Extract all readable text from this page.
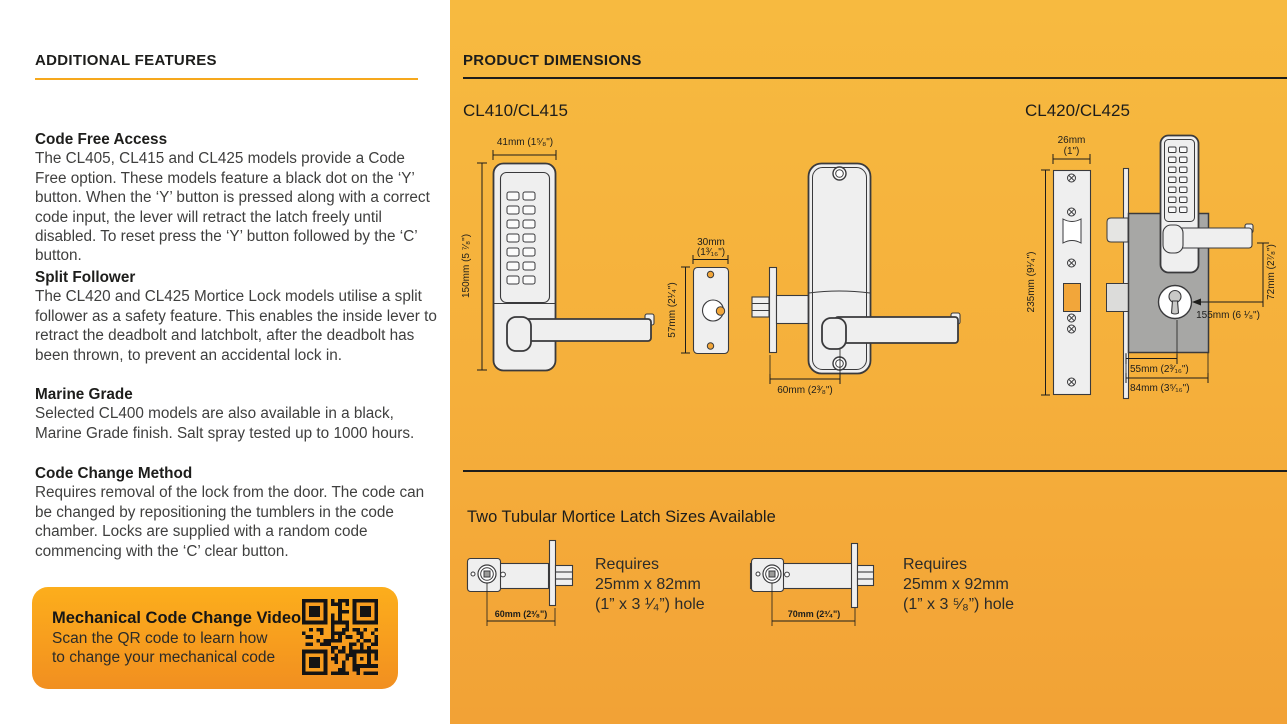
ADDITIONAL FEATURES
Code Free Access

The CL405, CL415 and CL425 models provide a Code Free option. These models feature a black dot on the ‘Y’ button. When the ‘Y’ button is pressed along with a correct code input, the lever will retract the latch freely until disabled. To reset press the ‘Y’ button followed by the ‘C’ button.

Split Follower

The CL420 and CL425 Mortice Lock models utilise a split follower as a safety feature. This enables the inside lever to retract the deadbolt and latchbolt, after the deadbolt has been thrown, to prevent an accidental lock in.

Marine Grade

Selected CL400 models are also available in a black, Marine Grade finish. Salt spray tested up to 1000 hours.

Code Change Method

Requires removal of the lock from the door. The code can be changed by repositioning the tumblers in the code chamber. Locks are supplied with a random code commencing with the ‘C’ clear button.

Mechanical Code Change Video
Scan the QR code to learn how
to change your mechanical code
PRODUCT DIMENSIONS
CL410/CL415	CL420/CL425
41mm (1⁵⁄₈")
150mm (5 ⁷⁄₈")	30mm
(1³⁄₁₆")
57mm (2¹⁄₄")
60mm (2³⁄₈")
26mm
(1")
235mm (9¹⁄₄")
155mm (6 ¹⁄₈")
72mm (2⁷⁄₈")
55mm (2³⁄₁₆")
84mm (3⁵⁄₁₆")
Two Tubular Mortice Latch Sizes Available
60mm (2³⁄₈")	70mm (2³⁄₄")
Requires
25mm x 82mm
(1” x 3 ¹⁄₄”) hole
Requires
25mm x 92mm
(1” x 3 ⁵⁄₈”) hole
